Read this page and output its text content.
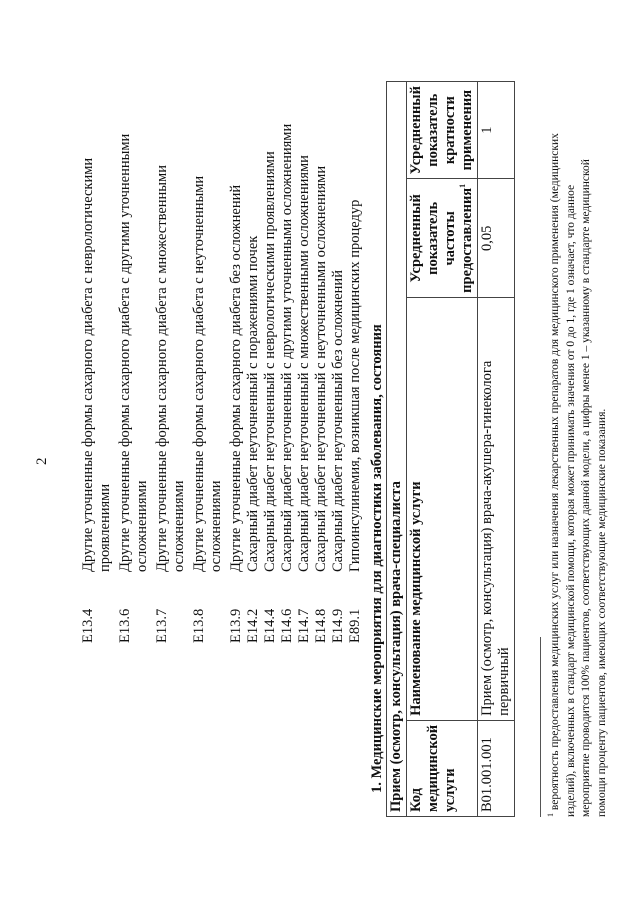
2
E13.4
Другие уточненные формы сахарного диабета с неврологическими проявлениями
E13.6
Другие уточненные формы сахарного диабета с другими уточненными осложнениями
E13.7
Другие уточненные формы сахарного диабета с множественными осложнениями
E13.8
Другие уточненные формы сахарного диабета с неуточненными осложнениями
E13.9
Другие уточненные формы сахарного диабета без осложнений
E14.2
Сахарный диабет неуточненный с поражениями почек
E14.4
Сахарный диабет неуточненный с неврологическими проявлениями
E14.6
Сахарный диабет неуточненный с другими уточненными осложнениями
E14.7
Сахарный диабет неуточненный с множественными осложнениями
E14.8
Сахарный диабет неуточненный с неуточненными осложнениями
E14.9
Сахарный диабет неуточненный без осложнений
E89.1
Гипоинсулинемия, возникшая после медицинских процедур 1. Медицинские мероприятия для диагностики заболевания, состояния Прием (осмотр, консультация) врача-специалиста			
Код медицинской услуги	Наименование медицинской услуги	Усредненный показатель частоты предоставления$^1$	Усредненный показатель кратности применения
B01.001.001	Прием (осмотр, консультация) врача-акушера-гинеколога первичный	0,05	1
$^1$ вероятность предоставления медицинских услуг или назначения лекарственных препаратов для медицинского применения (медицинских изделий), включенных в стандарт медицинской помощи, которая может принимать значения от 0 до 1, где 1 означает, что данное мероприятие проводится 100% пациентов, соответствующих данной модели, а цифры менее 1 – указанному в стандарте медицинской помощи проценту пациентов, имеющих соответствующие медицинские показания.
